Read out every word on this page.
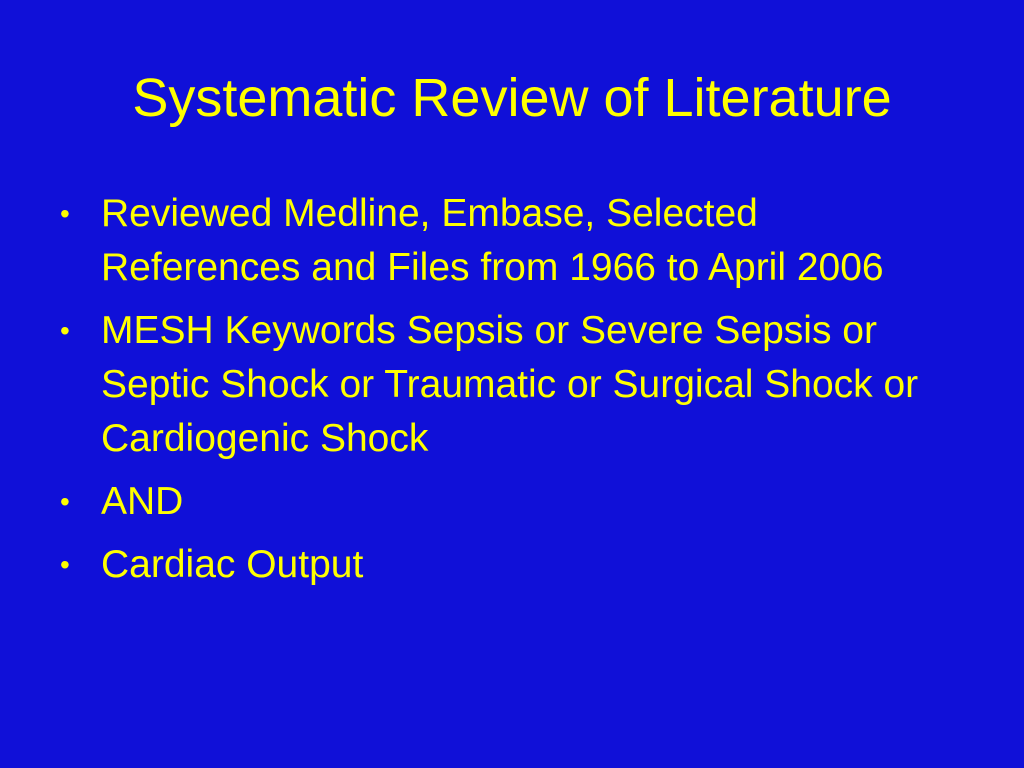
Systematic Review of Literature
• Reviewed Medline, Embase, Selected References and Files from 1966 to April 2006
• MESH Keywords Sepsis or Severe Sepsis or Septic Shock or Traumatic or Surgical Shock or Cardiogenic Shock
• AND
• Cardiac Output
